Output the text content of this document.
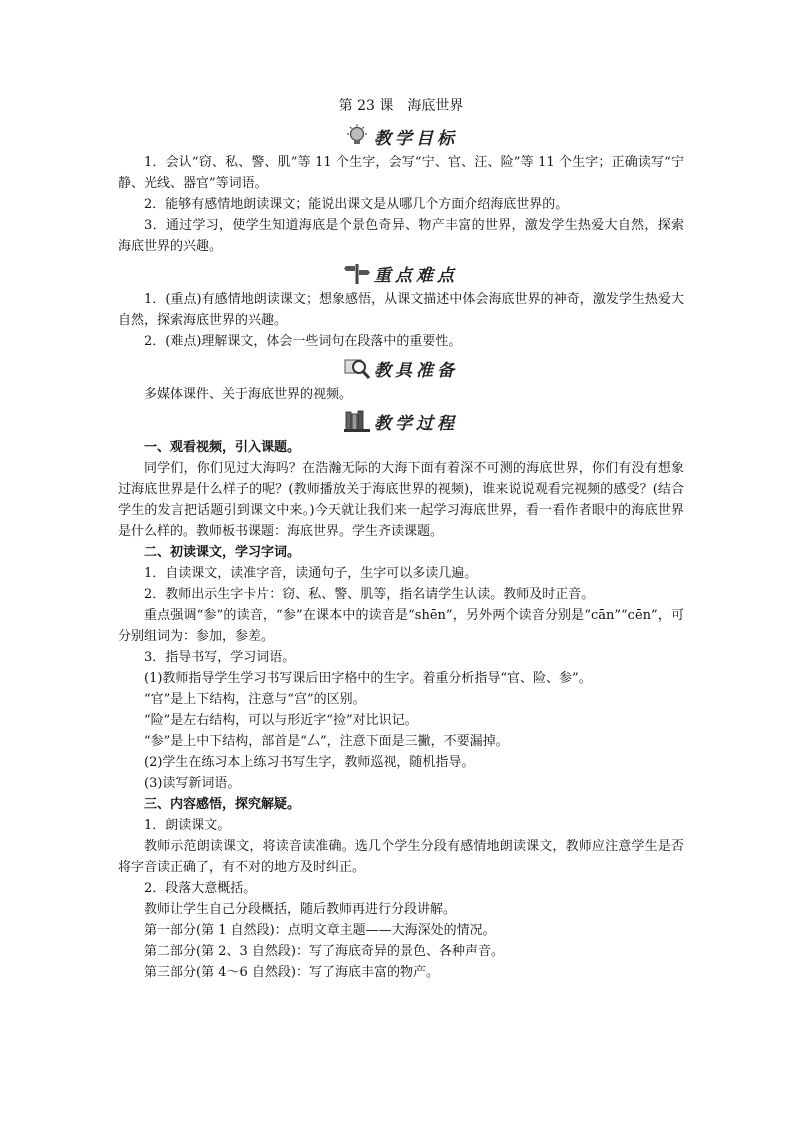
第 23 课　海底世界
教学目标

1．会认“窃、私、警、肌”等 11 个生字，会写“宁、官、汪、险”等 11 个生字；正确读写“宁静、光线、器官”等词语。

2．能够有感情地朗读课文；能说出课文是从哪几个方面介绍海底世界的。

3．通过学习，使学生知道海底是个景色奇异、物产丰富的世界，激发学生热爱大自然，探索海底世界的兴趣。

重点难点

1．(重点)有感情地朗读课文；想象感悟，从课文描述中体会海底世界的神奇，激发学生热爱大自然，探索海底世界的兴趣。

2．(难点)理解课文，体会一些词句在段落中的重要性。

教具准备

多媒体课件、关于海底世界的视频。

教学过程

一、观看视频，引入课题。

同学们，你们见过大海吗？在浩瀚无际的大海下面有着深不可测的海底世界，你们有没有想象过海底世界是什么样子的呢？(教师播放关于海底世界的视频)，谁来说说观看完视频的感受？(结合学生的发言把话题引到课文中来。)今天就让我们来一起学习海底世界，看一看作者眼中的海底世界是什么样的。教师板书课题：海底世界。学生齐读课题。

二、初读课文，学习字词。

1．自读课文，读准字音，读通句子，生字可以多读几遍。

2．教师出示生字卡片：窃、私、警、肌等，指名请学生认读。教师及时正音。

重点强调“参”的读音，“参”在课本中的读音是“shēn”，另外两个读音分别是“cān”“cēn”，可分别组词为：参加，参差。

3．指导书写，学习词语。

(1)教师指导学生学习书写课后田字格中的生字。着重分析指导“官、险、参”。

“官”是上下结构，注意与“宫”的区别。

“险”是左右结构，可以与形近字“捡”对比识记。

“参”是上中下结构，部首是“厶”，注意下面是三撇，不要漏掉。

(2)学生在练习本上练习书写生字，教师巡视，随机指导。

(3)读写新词语。

三、内容感悟，探究解疑。

1．朗读课文。

教师示范朗读课文，将读音读准确。选几个学生分段有感情地朗读课文，教师应注意学生是否将字音读正确了，有不对的地方及时纠正。

2．段落大意概括。

教师让学生自己分段概括，随后教师再进行分段讲解。

第一部分(第 1 自然段)：点明文章主题——大海深处的情况。

第二部分(第 2、3 自然段)：写了海底奇异的景色、各种声音。

第三部分(第 4～6 自然段)：写了海底丰富的物产。
